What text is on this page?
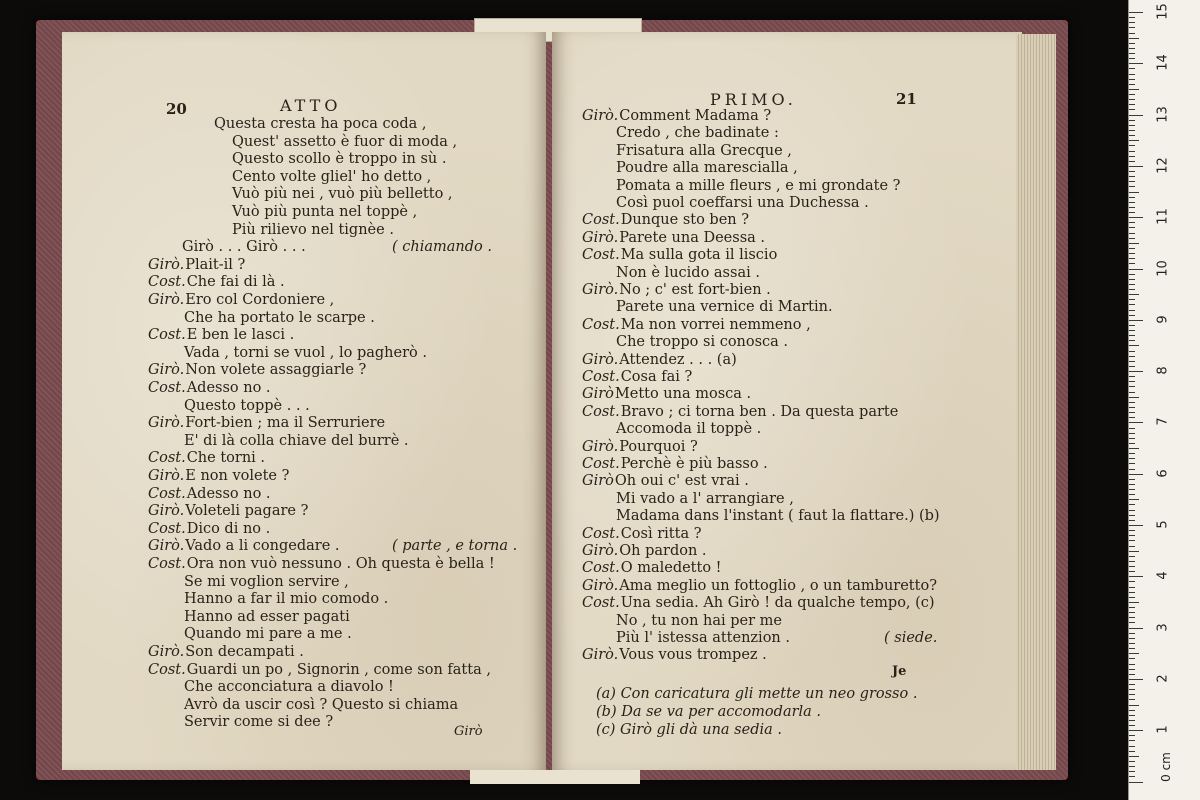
20	ATTO
Questa cresta ha poca coda ,
Quest' assetto è fuor di moda ,
Questo scollo è troppo in sù .
Cento volte gliel' ho detto ,
Vuò più nei , vuò più belletto ,
Vuò più punta nel toppè ,
Più rilievo nel tignèe .
Girò . . . Girò . . .	( chiamando .
Girò.Plait-il ?
Cost.Che fai di là .
Girò.Ero col Cordoniere ,
Che ha portato le scarpe .
Cost.E ben le lasci .
Vada , torni se vuol , lo pagherò .
Girò.Non volete assaggiarle ?
Cost.Adesso no .
Questo toppè . . .
Girò.Fort-bien ; ma il Serruriere
E' di là colla chiave del burrè .
Cost.Che torni .
Girò.E non volete ?
Cost.Adesso no .
Girò.Voleteli pagare ?
Cost.Dico di no .
Girò.Vado a li congedare .	( parte , e torna .
Cost.Ora non vuò nessuno . Oh questa è bella !
Se mi voglion servire ,
Hanno a far il mio comodo .
Hanno ad esser pagati
Quando mi pare a me .
Girò.Son decampati .
Cost.Guardi un po , Signorin , come son fatta ,
Che acconciatura a diavolo !
Avrò da uscir così ? Questo si chiama
Servir come si dee ?
Girò
PRIMO.	21
Girò.Comment Madama ?
Credo , che badinate :
Frisatura alla Grecque ,
Poudre alla marescialla ,
Pomata a mille fleurs , e mi grondate ?
Così puol coeffarsi una Duchessa .
Cost.Dunque sto ben ?
Girò.Parete una Deessa .
Cost.Ma sulla gota il liscio
Non è lucido assai .
Girò.No ; c' est fort-bien .
Parete una vernice di Martin.
Cost.Ma non vorrei nemmeno ,
Che troppo si conosca .
Girò.Attendez . . . (a)
Cost.Cosa fai ?
GiròMetto una mosca .
Cost.Bravo ; ci torna ben . Da questa parte
Accomoda il toppè .
Girò.Pourquoi ?
Cost.Perchè è più basso .
GiròOh oui c' est vrai .
Mi vado a l' arrangiare ,
Madama dans l'instant ( faut la flattare.) (b)
Cost.Così ritta ?
Girò.Oh pardon .
Cost.O maledetto !
Girò.Ama meglio un fottoglio , o un tamburetto?
Cost.Una sedia. Ah Girò ! da qualche tempo, (c)
No , tu non hai per me
Più l' istessa attenzion .	( siede.
Girò.Vous vous trompez .
Je
(a) Con caricatura gli mette un neo grosso .
(b) Da se va per accomodarla .
(c) Girò gli dà una sedia .
0 cm
15
14
13
12
11
10
9
8
7
6
5
4
3
2
1
